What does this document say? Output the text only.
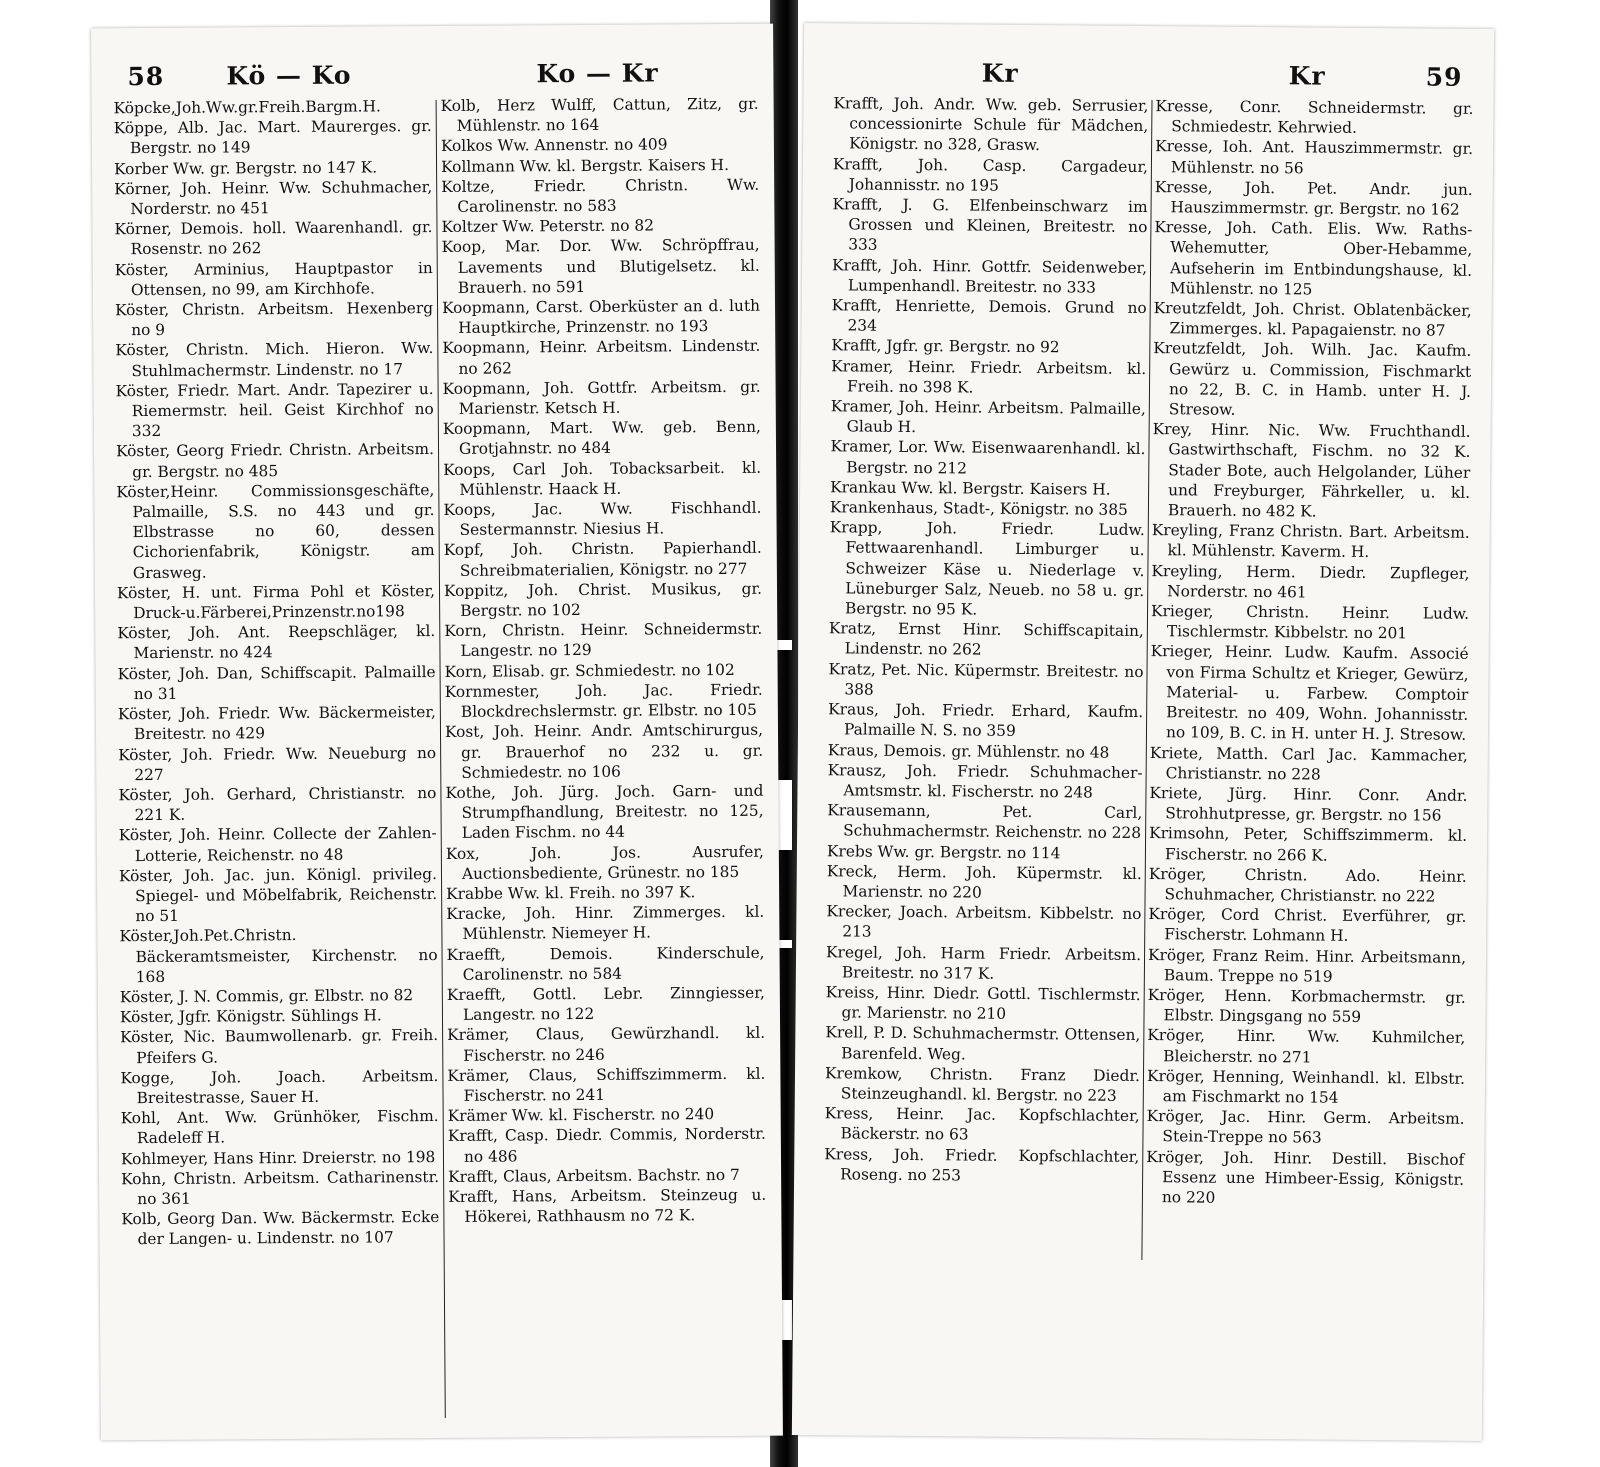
58 Kö — Ko	Ko — Kr
Köpcke,Joh.Ww.gr.Freih.Bargm.H.
Köppe, Alb. Jac. Mart. Maurerges. gr. Bergstr. no 149
Korber Ww. gr. Bergstr. no 147 K.
Körner, Joh. Heinr. Ww. Schuhmacher, Norderstr. no 451
Körner, Demois. holl. Waarenhandl. gr. Rosenstr. no 262
Köster, Arminius, Hauptpastor in Ottensen, no 99, am Kirchhofe.
Köster, Christn. Arbeitsm. Hexenberg no 9
Köster, Christn. Mich. Hieron. Ww. Stuhlmachermstr. Lindenstr. no 17
Köster, Friedr. Mart. Andr. Tapezirer u. Riemermstr. heil. Geist Kirchhof no 332
Köster, Georg Friedr. Christn. Arbeitsm. gr. Bergstr. no 485
Köster,Heinr. Commissionsgeschäfte, Palmaille, S.S. no 443 und gr. Elbstrasse no 60, dessen Cichorienfabrik, Königstr. am Grasweg.
Köster, H. unt. Firma Pohl et Köster, Druck-u.Färberei,Prinzenstr.no198
Köster, Joh. Ant. Reepschläger, kl. Marienstr. no 424
Köster, Joh. Dan, Schiffscapit. Palmaille no 31
Köster, Joh. Friedr. Ww. Bäckermeister, Breitestr. no 429
Köster, Joh. Friedr. Ww. Neueburg no 227
Köster, Joh. Gerhard, Christianstr. no 221 K.
Köster, Joh. Heinr. Collecte der Zahlen-Lotterie, Reichenstr. no 48
Köster, Joh. Jac. jun. Königl. privileg. Spiegel- und Möbelfabrik, Reichenstr. no 51
Köster,Joh.Pet.Christn. Bäckeramtsmeister, Kirchenstr. no 168
Köster, J. N. Commis, gr. Elbstr. no 82
Köster, Jgfr. Königstr. Sühlings H.
Köster, Nic. Baumwollenarb. gr. Freih. Pfeifers G.
Kogge, Joh. Joach. Arbeitsm. Breitestrasse, Sauer H.
Kohl, Ant. Ww. Grünhöker, Fischm. Radeleff H.
Kohlmeyer, Hans Hinr. Dreierstr. no 198
Kohn, Christn. Arbeitsm. Catharinenstr. no 361
Kolb, Georg Dan. Ww. Bäckermstr. Ecke der Langen- u. Lindenstr. no 107
Kolb, Herz Wulff, Cattun, Zitz, gr. Mühlenstr. no 164
Kolkos Ww. Annenstr. no 409
Kollmann Ww. kl. Bergstr. Kaisers H.
Koltze, Friedr. Christn. Ww. Carolinenstr. no 583
Koltzer Ww. Peterstr. no 82
Koop, Mar. Dor. Ww. Schröpffrau, Lavements und Blutigelsetz. kl. Brauerh. no 591
Koopmann, Carst. Oberküster an d. luth Hauptkirche, Prinzenstr. no 193
Koopmann, Heinr. Arbeitsm. Lindenstr. no 262
Koopmann, Joh. Gottfr. Arbeitsm. gr. Marienstr. Ketsch H.
Koopmann, Mart. Ww. geb. Benn, Grotjahnstr. no 484
Koops, Carl Joh. Tobacksarbeit. kl. Mühlenstr. Haack H.
Koops, Jac. Ww. Fischhandl. Sestermannstr. Niesius H.
Kopf, Joh. Christn. Papierhandl. Schreibmaterialien, Königstr. no 277
Koppitz, Joh. Christ. Musikus, gr. Bergstr. no 102
Korn, Christn. Heinr. Schneidermstr. Langestr. no 129
Korn, Elisab. gr. Schmiedestr. no 102
Kornmester, Joh. Jac. Friedr. Blockdrechslermstr. gr. Elbstr. no 105
Kost, Joh. Heinr. Andr. Amtschirurgus, gr. Brauerhof no 232 u. gr. Schmiedestr. no 106
Kothe, Joh. Jürg. Joch. Garn- und Strumpfhandlung, Breitestr. no 125, Laden Fischm. no 44
Kox, Joh. Jos. Ausrufer, Auctionsbediente, Grünestr. no 185
Krabbe Ww. kl. Freih. no 397 K.
Kracke, Joh. Hinr. Zimmerges. kl. Mühlenstr. Niemeyer H.
Kraefft, Demois. Kinderschule, Carolinenstr. no 584
Kraefft, Gottl. Lebr. Zinngiesser, Langestr. no 122
Krämer, Claus, Gewürzhandl. kl. Fischerstr. no 246
Krämer, Claus, Schiffszimmerm. kl. Fischerstr. no 241
Krämer Ww. kl. Fischerstr. no 240
Krafft, Casp. Diedr. Commis, Norderstr. no 486
Krafft, Claus, Arbeitsm. Bachstr. no 7
Krafft, Hans, Arbeitsm. Steinzeug u. Hökerei, Rathhausm no 72 K.
Kr	Kr	59
Krafft, Joh. Andr. Ww. geb. Serrusier, concessionirte Schule für Mädchen, Königstr. no 328, Grasw.
Krafft, Joh. Casp. Cargadeur, Johannisstr. no 195
Krafft, J. G. Elfenbeinschwarz im Grossen und Kleinen, Breitestr. no 333
Krafft, Joh. Hinr. Gottfr. Seidenweber, Lumpenhandl. Breitestr. no 333
Krafft, Henriette, Demois. Grund no 234
Krafft, Jgfr. gr. Bergstr. no 92
Kramer, Heinr. Friedr. Arbeitsm. kl. Freih. no 398 K.
Kramer, Joh. Heinr. Arbeitsm. Palmaille, Glaub H.
Kramer, Lor. Ww. Eisenwaarenhandl. kl. Bergstr. no 212
Krankau Ww. kl. Bergstr. Kaisers H.
Krankenhaus, Stadt-, Königstr. no 385
Krapp, Joh. Friedr. Ludw. Fettwaarenhandl. Limburger u. Schweizer Käse u. Niederlage v. Lüneburger Salz, Neueb. no 58 u. gr. Bergstr. no 95 K.
Kratz, Ernst Hinr. Schiffscapitain, Lindenstr. no 262
Kratz, Pet. Nic. Küpermstr. Breitestr. no 388
Kraus, Joh. Friedr. Erhard, Kaufm. Palmaille N. S. no 359
Kraus, Demois. gr. Mühlenstr. no 48
Krausz, Joh. Friedr. Schuhmacher-Amtsmstr. kl. Fischerstr. no 248
Krausemann, Pet. Carl, Schuhmachermstr. Reichenstr. no 228
Krebs Ww. gr. Bergstr. no 114
Kreck, Herm. Joh. Küpermstr. kl. Marienstr. no 220
Krecker, Joach. Arbeitsm. Kibbelstr. no 213
Kregel, Joh. Harm Friedr. Arbeitsm. Breitestr. no 317 K.
Kreiss, Hinr. Diedr. Gottl. Tischlermstr. gr. Marienstr. no 210
Krell, P. D. Schuhmachermstr. Ottensen, Barenfeld. Weg.
Kremkow, Christn. Franz Diedr. Steinzeughandl. kl. Bergstr. no 223
Kress, Heinr. Jac. Kopfschlachter, Bäckerstr. no 63
Kress, Joh. Friedr. Kopfschlachter, Roseng. no 253
Kresse, Conr. Schneidermstr. gr. Schmiedestr. Kehrwied.
Kresse, Ioh. Ant. Hauszimmermstr. gr. Mühlenstr. no 56
Kresse, Joh. Pet. Andr. jun. Hauszimmermstr. gr. Bergstr. no 162
Kresse, Joh. Cath. Elis. Ww. Raths-Wehemutter, Ober-Hebamme, Aufseherin im Entbindungshause, kl. Mühlenstr. no 125
Kreutzfeldt, Joh. Christ. Oblatenbäcker, Zimmerges. kl. Papagaienstr. no 87
Kreutzfeldt, Joh. Wilh. Jac. Kaufm. Gewürz u. Commission, Fischmarkt no 22, B. C. in Hamb. unter H. J. Stresow.
Krey, Hinr. Nic. Ww. Fruchthandl. Gastwirthschaft, Fischm. no 32 K. Stader Bote, auch Helgolander, Lüher und Freyburger, Fährkeller, u. kl. Brauerh. no 482 K.
Kreyling, Franz Christn. Bart. Arbeitsm. kl. Mühlenstr. Kaverm. H.
Kreyling, Herm. Diedr. Zupfleger, Norderstr. no 461
Krieger, Christn. Heinr. Ludw. Tischlermstr. Kibbelstr. no 201
Krieger, Heinr. Ludw. Kaufm. Associé von Firma Schultz et Krieger, Gewürz, Material- u. Farbew. Comptoir Breitestr. no 409, Wohn. Johannisstr. no 109, B. C. in H. unter H. J. Stresow.
Kriete, Matth. Carl Jac. Kammacher, Christianstr. no 228
Kriete, Jürg. Hinr. Conr. Andr. Strohhutpresse, gr. Bergstr. no 156
Krimsohn, Peter, Schiffszimmerm. kl. Fischerstr. no 266 K.
Kröger, Christn. Ado. Heinr. Schuhmacher, Christianstr. no 222
Kröger, Cord Christ. Everführer, gr. Fischerstr. Lohmann H.
Kröger, Franz Reim. Hinr. Arbeitsmann, Baum. Treppe no 519
Kröger, Henn. Korbmachermstr. gr. Elbstr. Dingsgang no 559
Kröger, Hinr. Ww. Kuhmilcher, Bleicherstr. no 271
Kröger, Henning, Weinhandl. kl. Elbstr. am Fischmarkt no 154
Kröger, Jac. Hinr. Germ. Arbeitsm. Stein-Treppe no 563
Kröger, Joh. Hinr. Destill. Bischof Essenz une Himbeer-Essig, Königstr. no 220
